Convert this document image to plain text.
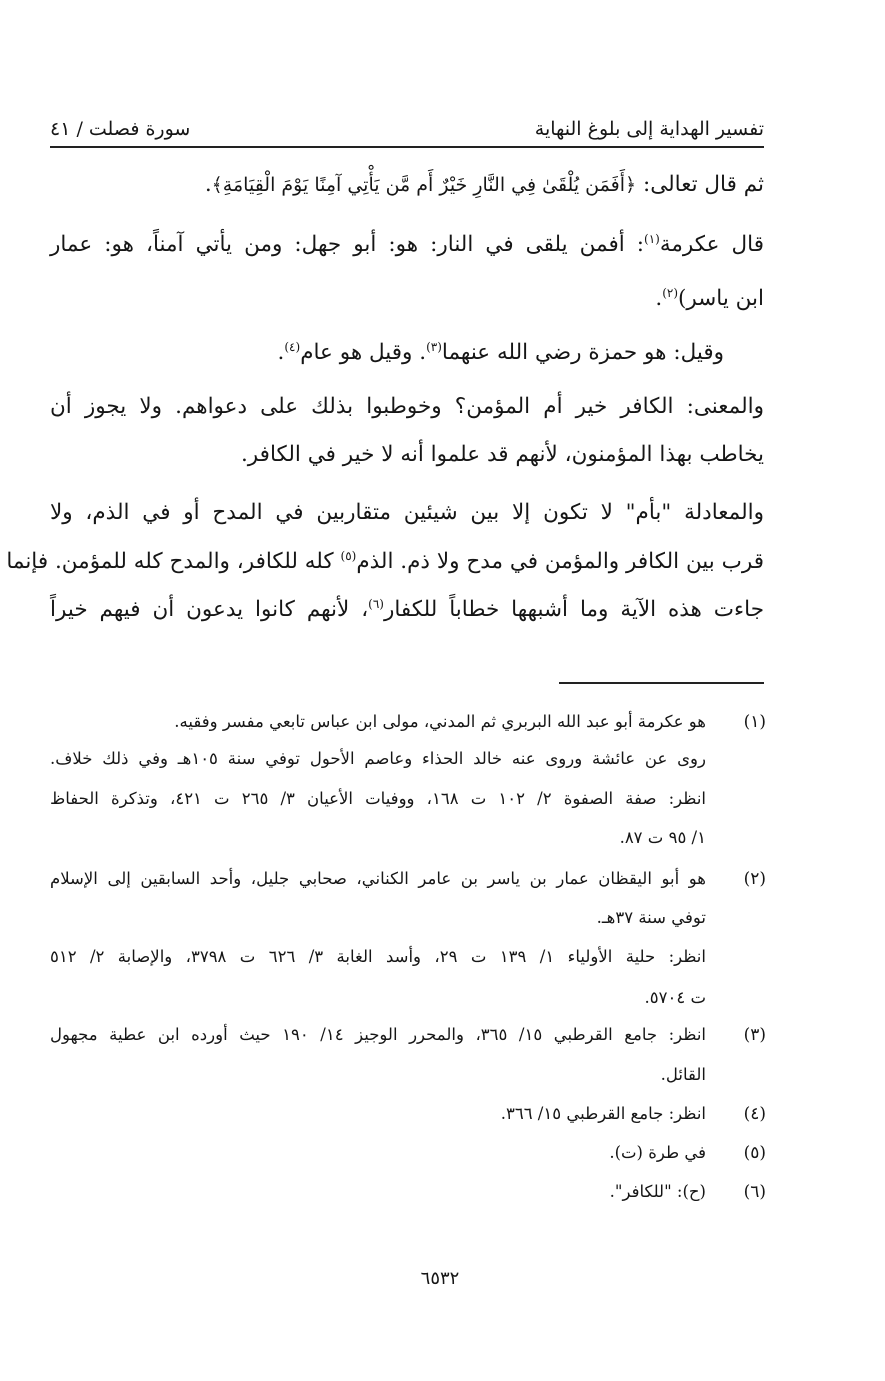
سورة فصلت / ٤١	تفسير الهداية إلى بلوغ النهاية
ثم قال تعالى: ﴿أَفَمَن يُلْقَىٰ فِي النَّارِ خَيْرٌ أَم مَّن يَأْتِي آمِنًا يَوْمَ الْقِيَامَةِ﴾.
قال عكرمة$^{(١)}$: أفمن يلقى في النار: هو: أبو جهل: ومن يأتي آمناً، هو: عمار
ابن ياسر)$^{(٢)}$.
وقيل: هو حمزة رضي الله عنهما$^{(٣)}$. وقيل هو عام$^{(٤)}$.
والمعنى: الكافر خير أم المؤمن؟ وخوطبوا بذلك على دعواهم. ولا يجوز أن
يخاطب بهذا المؤمنون، لأنهم قد علموا أنه لا خير في الكافر.
والمعادلة "بأم" لا تكون إلا بين شيئين متقاربين في المدح أو في الذم، ولا
قرب بين الكافر والمؤمن في مدح ولا ذم. الذم$^{(٥)}$ كله للكافر، والمدح كله للمؤمن. فإنما
جاءت هذه الآية وما أشبهها خطاباً للكفار$^{(٦)}$، لأنهم كانوا يدعون أن فيهم خيراً
(١)
هو عكرمة أبو عبد الله البربري ثم المدني، مولى ابن عباس تابعي مفسر وفقيه.
روى عن عائشة وروى عنه خالد الحذاء وعاصم الأحول توفي سنة ١٠٥هـ وفي ذلك خلاف.
انظر: صفة الصفوة ٢/ ١٠٢ ت ١٦٨، ووفيات الأعيان ٣/ ٢٦٥ ت ٤٢١، وتذكرة الحفاظ
١/ ٩٥ ت ٨٧.
(٢)
هو أبو اليقظان عمار بن ياسر بن عامر الكناني، صحابي جليل، وأحد السابقين إلى الإسلام
توفي سنة ٣٧هـ.
انظر: حلية الأولياء ١/ ١٣٩ ت ٢٩، وأسد الغابة ٣/ ٦٢٦ ت ٣٧٩٨، والإصابة ٢/ ٥١٢
ت ٥٧٠٤.
(٣)
انظر: جامع القرطبي ١٥/ ٣٦٥، والمحرر الوجيز ١٤/ ١٩٠ حيث أورده ابن عطية مجهول
القائل.
(٤)
انظر: جامع القرطبي ١٥/ ٣٦٦.
(٥)
في طرة (ت).
(٦)
(ح): "للكافر".
٦٥٣٢
